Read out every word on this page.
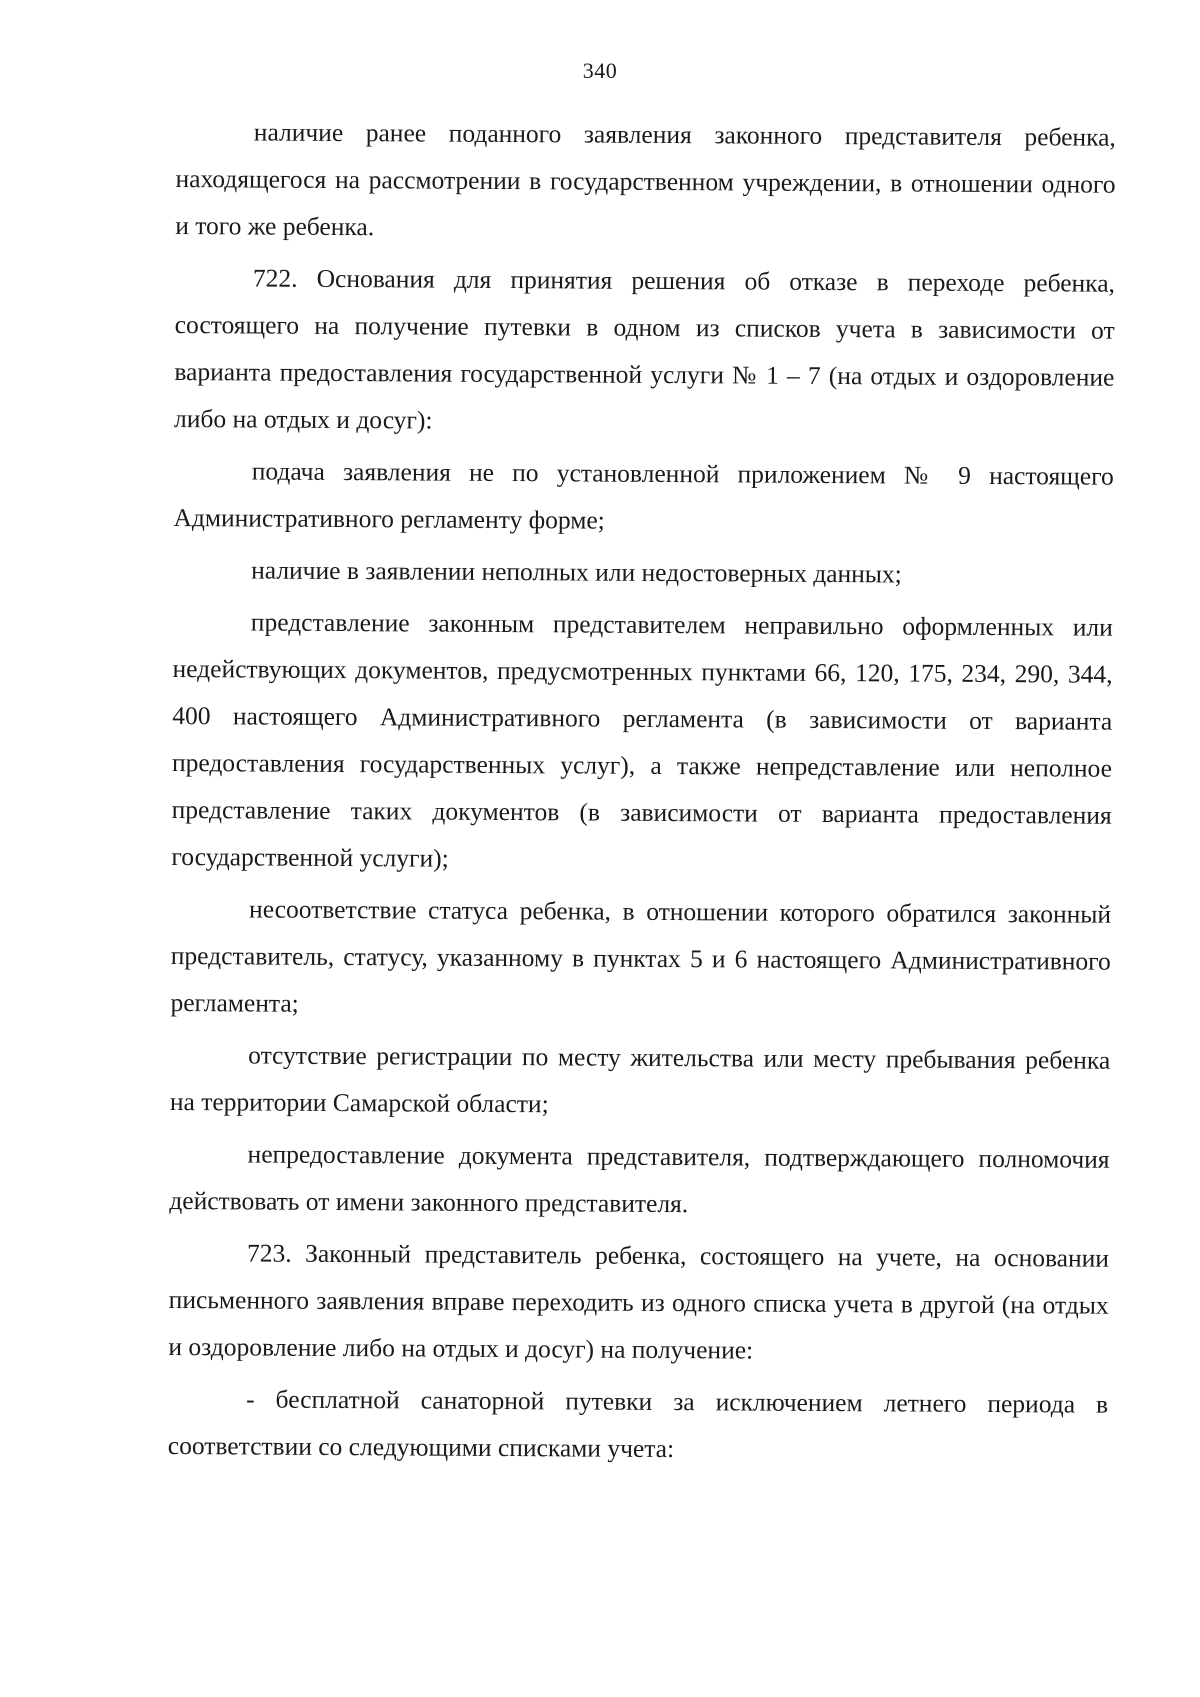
340

наличие ранее поданного заявления законного представителя ребенка, находящегося на рассмотрении в государственном учреждении, в отношении одного и того же ребенка.

722. Основания для принятия решения об отказе в переходе ребенка, состоящего на получение путевки в одном из списков учета в зависимости от варианта предоставления государственной услуги № 1 – 7 (на отдых и оздоровление либо на отдых и досуг):

подача заявления не по установленной приложением № 9 настоящего Административного регламенту форме;

наличие в заявлении неполных или недостоверных данных;

представление законным представителем неправильно оформленных или недействующих документов, предусмотренных пунктами 66, 120, 175, 234, 290, 344, 400 настоящего Административного регламента (в зависимости от варианта предоставления государственных услуг), а также непредставление или неполное представление таких документов (в зависимости от варианта предоставления государственной услуги);

несоответствие статуса ребенка, в отношении которого обратился законный представитель, статусу, указанному в пунктах 5 и 6 настоящего Административного регламента;

отсутствие регистрации по месту жительства или месту пребывания ребенка на территории Самарской области;

непредоставление документа представителя, подтверждающего полномочия действовать от имени законного представителя.

723. Законный представитель ребенка, состоящего на учете, на основании письменного заявления вправе переходить из одного списка учета в другой (на отдых и оздоровление либо на отдых и досуг) на получение:

- бесплатной санаторной путевки за исключением летнего периода в соответствии со следующими списками учета:
